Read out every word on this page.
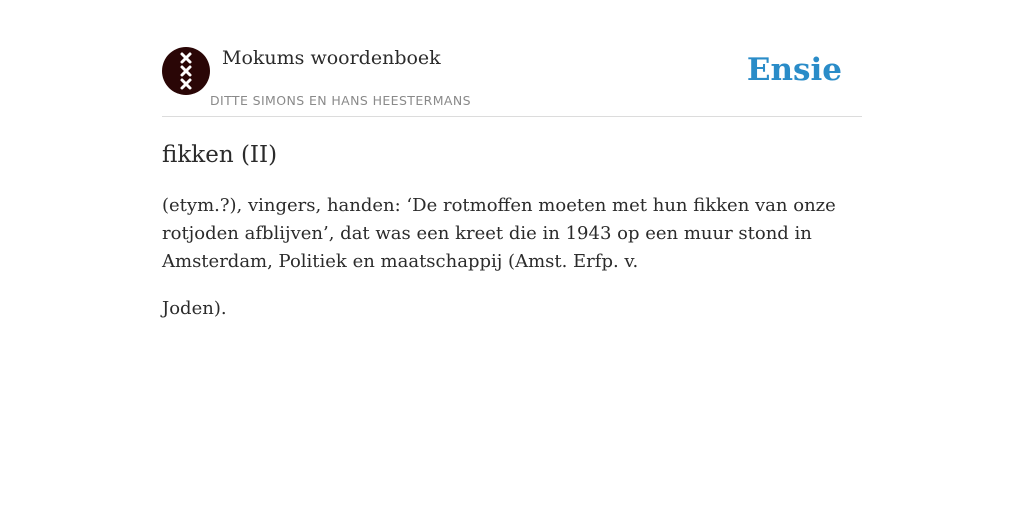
Mokums woordenboek
DITTE SIMONS EN HANS HEESTERMANS
Ensie
fikken (II)

(etym.?), vingers, handen: ‘De rotmoffen moeten met hun fikken van onze

rotjoden afblijven’, dat was een kreet die in 1943 op een muur stond in

Amsterdam, Politiek en maatschappij (Amst. Erfp. v.

Joden).
